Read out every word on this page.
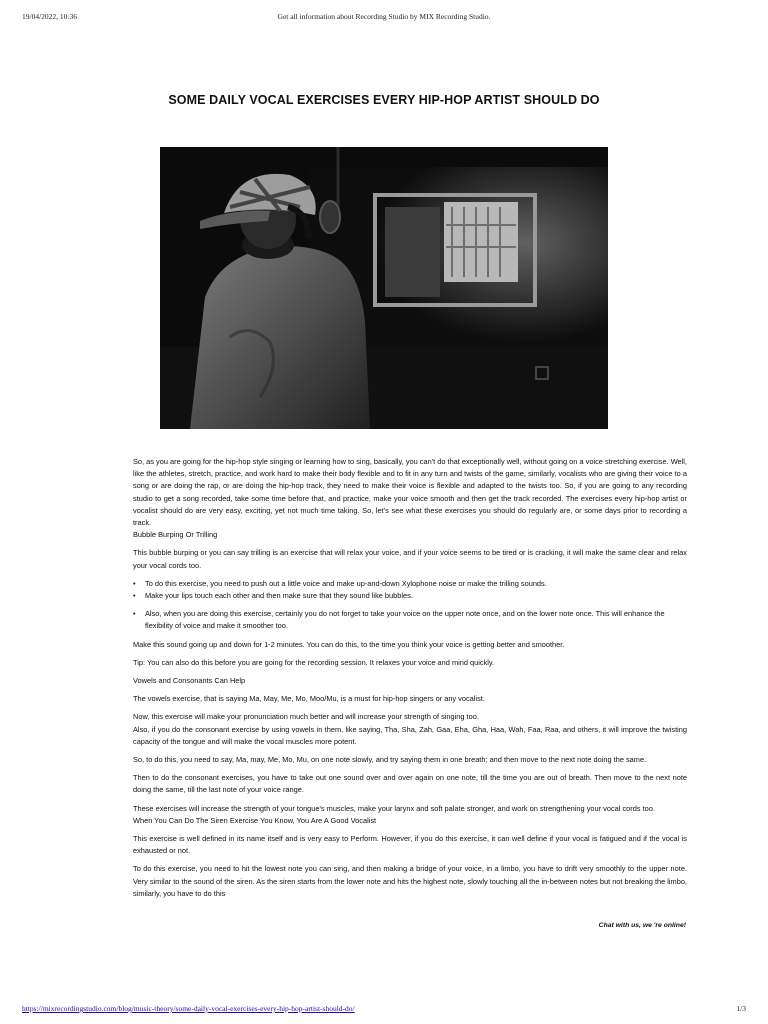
19/04/2022, 10:36	Get all information about Recording Studio by MIX Recording Studio.
SOME DAILY VOCAL EXERCISES EVERY HIP-HOP ARTIST SHOULD DO

So, as you are going for the hip-hop style singing or learning how to sing, basically, you can't do that exceptionally well, without going on a voice stretching exercise. Well, like the athletes, stretch, practice, and work hard to make their body flexible and to fit in any turn and twists of the game, similarly, vocalists who are giving their voice to a song or are doing the rap, or are doing the hip-hop track, they need to make their voice is flexible and adapted to the twists too. So, if you are going to any recording studio to get a song recorded, take some time before that, and practice, make your voice smooth and then get the track recorded. The exercises every hip-hop artist or vocalist should do are very easy, exciting, yet not much time taking. So, let's see what these exercises you should do regularly are, or some days prior to recording a track.

Bubble Burping Or Trilling

This bubble burping or you can say trilling is an exercise that will relax your voice, and if your voice seems to be tired or is cracking, it will make the same clear and relax your vocal cords too.

• To do this exercise, you need to push out a little voice and make up-and-down Xylophone noise or make the trilling sounds.
• Make your lips touch each other and then make sure that they sound like bubbles.
• Also, when you are doing this exercise, certainly you do not forget to take your voice on the upper note once, and on the lower note once. This will enhance the flexibility of voice and make it smoother too.

Make this sound going up and down for 1-2 minutes. You can do this, to the time you think your voice is getting better and smoother.

Tip: You can also do this before you are going for the recording session. It relaxes your voice and mind quickly.

Vowels and Consonants Can Help

The vowels exercise, that is saying Ma, May, Me, Mo, Moo/Mu, is a must for hip-hop singers or any vocalist.

Now, this exercise will make your pronunciation much better and will increase your strength of singing too.

Also, if you do the consonant exercise by using vowels in them, like saying, Tha, Sha, Zah, Gaa, Eha, Gha, Haa, Wah, Faa, Raa, and others, it will improve the twisting capacity of the tongue and will make the vocal muscles more potent.

So, to do this, you need to say, Ma, may, Me, Mo, Mu, on one note slowly, and try saying them in one breath; and then move to the next note doing the same.

Then to do the consonant exercises, you have to take out one sound over and over again on one note, till the time you are out of breath. Then move to the next note doing the same, till the last note of your voice range.

These exercises will increase the strength of your tongue's muscles, make your larynx and soft palate stronger, and work on strengthening your vocal cords too.

When You Can Do The Siren Exercise You Know, You Are A Good Vocalist

This exercise is well defined in its name itself and is very easy to Perform. However, if you do this exercise, it can well define if your vocal is fatigued and if the vocal is exhausted or not.

To do this exercise, you need to hit the lowest note you can sing, and then making a bridge of your voice, in a limbo, you have to drift very smoothly to the upper note. Very similar to the sound of the siren. As the siren starts from the lower note and hits the highest note, slowly touching all the in-between notes but not breaking the limbo, similarly, you have to do this

Chat with us, we 're online!
https://mixrecordingstudio.com/blog/music-theory/some-daily-vocal-exercises-every-hip-hop-artist-should-do/	1/3
